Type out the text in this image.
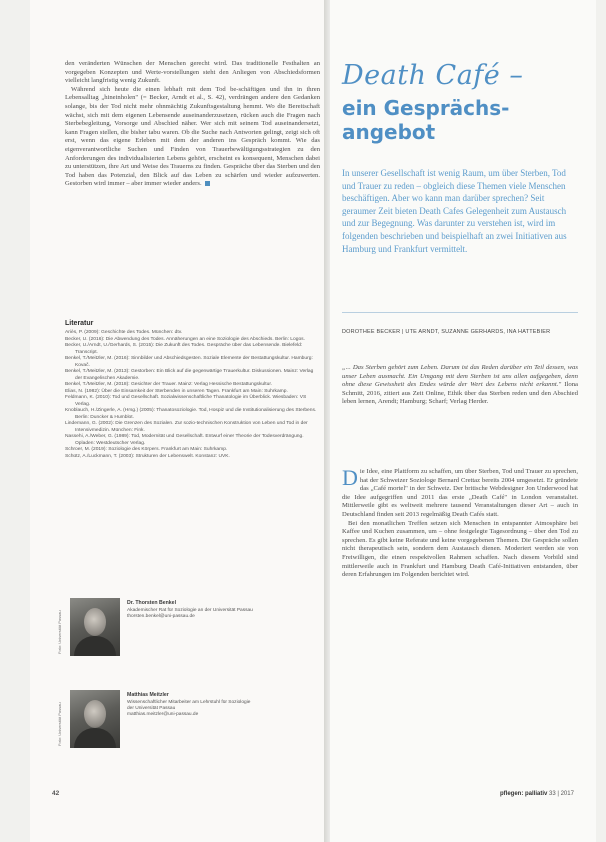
den veränderten Wünschen der Menschen gerecht wird. Das traditionelle Festhalten an vorgegeben Konzepten und Werte-vorstellungen steht den Anliegen von Abschiedsformen vielleicht langfristig wenig Zukunft.

Während sich heute die einen lebhaft mit dem Tod be-schäftigen und ihn in ihren Lebensalltag „hineinholen" (= Becker, Arndt et al., S. 42), verdrängen andere den Gedanken solange, bis der Tod nicht mehr ohnmächtig Zukunftsgestaltung hemmt. Wo die Bereitschaft wächst, sich mit dem eigenen Lebensende auseinanderzusetzen, rücken auch die Fragen nach Sterbebegleitung, Vorsorge und Abschied näher. Wer sich mit seinem Tod auseinandersetzt, kann Fragen stellen, die bisher tabu waren. Ob die Suche nach Antworten gelingt, zeigt sich oft erst, wenn das eigene Erleben mit dem der anderen ins Gespräch kommt. Wie das eigenverantwortliche Suchen und Finden von Trauerbewältigungsstrategien zu den Anforderungen des individualisierten Lebens gehört, erscheint es konsequent, Menschen dabei zu unterstützen, ihre Art und Weise des Trauerns zu finden. Gespräche über das Sterben und den Tod haben das Potenzial, den Blick auf das Leben zu schärfen und wieder aufzuwerten. Gestorben wird immer – aber immer wieder anders.

Literatur
Ariès, P. (2009): Geschichte des Todes. München: dtv.
Becker, U. (2016): Die Abwendung des Todes. Annäherungen an eine Soziologie des Abschieds. Berlin: Logos.
Becker, U./Arndt, U./Gerhards, S. (2015): Die Zukunft des Todes. Gespräche über das Lebensende. Bielefeld: Transcript.
Benkel, T./Meitzler, M. (2016): Sinnbilder und Abschiedsgesten. Soziale Elemente der Bestattungskultur. Hamburg: Kovač.
Benkel, T./Meitzler, M. (2013): Gestorben: Ein Blick auf die gegenwärtige Trauerkultur. Diskussionen. Mainz: Verlag der Evangelischen Akademie.
Benkel, T./Meitzler, M. (2018): Gesichter der Trauer. Mainz: Verlag Hessische Bestattungskultur.
Elias, N. (1982): Über die Einsamkeit der Sterbenden in unseren Tagen. Frankfurt am Main: Suhrkamp.
Feldmann, K. (2010): Tod und Gesellschaft. Sozialwissenschaftliche Thanatologie im Überblick. Wiesbaden: VS Verlag.
Knoblauch, H./Zingerle, A. (Hrsg.) (2005): Thanatosoziologie. Tod, Hospiz und die Institutionalisierung des Sterbens. Berlin: Duncker & Humblot.
Lindemann, G. (2002): Die Grenzen des Sozialen. Zur sozio-technischen Konstruktion von Leben und Tod in der Intensivmedizin. München: Fink.
Nassehi, A./Weber, G. (1989): Tod, Modernität und Gesellschaft. Entwurf einer Theorie der Todesverdrängung. Opladen: Westdeutscher Verlag.
Schroer, M. (2019): Soziologie des Körpers. Frankfurt am Main: Suhrkamp.
Schütz, A./Luckmann, T. (2003): Strukturen der Lebenswelt. Konstanz: UVK.
Foto: Universität Passau
Dr. Thorsten Benkel
Akademischer Rat für Soziologie an der Universität Passau
thorsten.benkel@uni-passau.de
Foto: Universität Passau
Matthias Meitzler
Wissenschaftlicher Mitarbeiter am Lehrstuhl für Soziologie
der Universität Passau
matthias.meitzler@uni-passau.de
42
Death Café –
ein Gesprächs-
angebot
In unserer Gesellschaft ist wenig Raum, um über Sterben, Tod und Trauer zu reden – obgleich diese Themen viele Menschen beschäftigen. Aber wo kann man darüber sprechen? Seit geraumer Zeit bieten Death Cafes Gelegenheit zum Austausch und zur Begegnung. Was darunter zu verstehen ist, wird im folgenden beschrieben und beispielhaft an zwei Initiativen aus Hamburg und Frankfurt vermittelt.
DOROTHEE BECKER | UTE ARNDT, SUZANNE GERHARDS, INA HATTEBIER
„... Das Sterben gehört zum Leben. Darum ist das Reden darüber ein Teil dessen, was unser Leben ausmacht. Ein Umgang mit dem Sterben ist uns allen aufgegeben, denn ohne diese Gewissheit des Endes würde der Wert des Lebens nicht erkannt." Ilona Schmitt, 2016, zitiert aus Zeit Online, Ethik über das Sterben reden und den Abschied leben lernen, Arendt; Hamburg; Scharf; Verlag Herder.

Die Idee, eine Plattform zu schaffen, um über Sterben, Tod und Trauer zu sprechen, hat der Schweizer Soziologe Bernard Crettaz bereits 2004 umgesetzt. Er gründete das „Café mortel" in der Schweiz. Der britische Webdesigner Jon Underwood hat die Idee aufgegriffen und 2011 das erste „Death Café" in London veranstaltet. Mittlerweile gibt es weltweit mehrere tausend Veranstaltungen dieser Art – auch in Deutschland finden seit 2013 regelmäßig Death Cafés statt.

Bei den monatlichen Treffen setzen sich Menschen in entspannter Atmosphäre bei Kaffee und Kuchen zusammen, um – ohne festgelegte Tagesordnung – über den Tod zu sprechen. Es gibt keine Referate und keine vorgegebenen Themen. Die Gespräche sollen nicht therapeutisch sein, sondern dem Austausch dienen. Moderiert werden sie von Freiwilligen, die einen respektvollen Rahmen schaffen. Nach diesem Vorbild sind mittlerweile auch in Frankfurt und Hamburg Death Café-Initiativen entstanden, über deren Erfahrungen im Folgenden berichtet wird.

pflegen: palliativ 33 | 2017
